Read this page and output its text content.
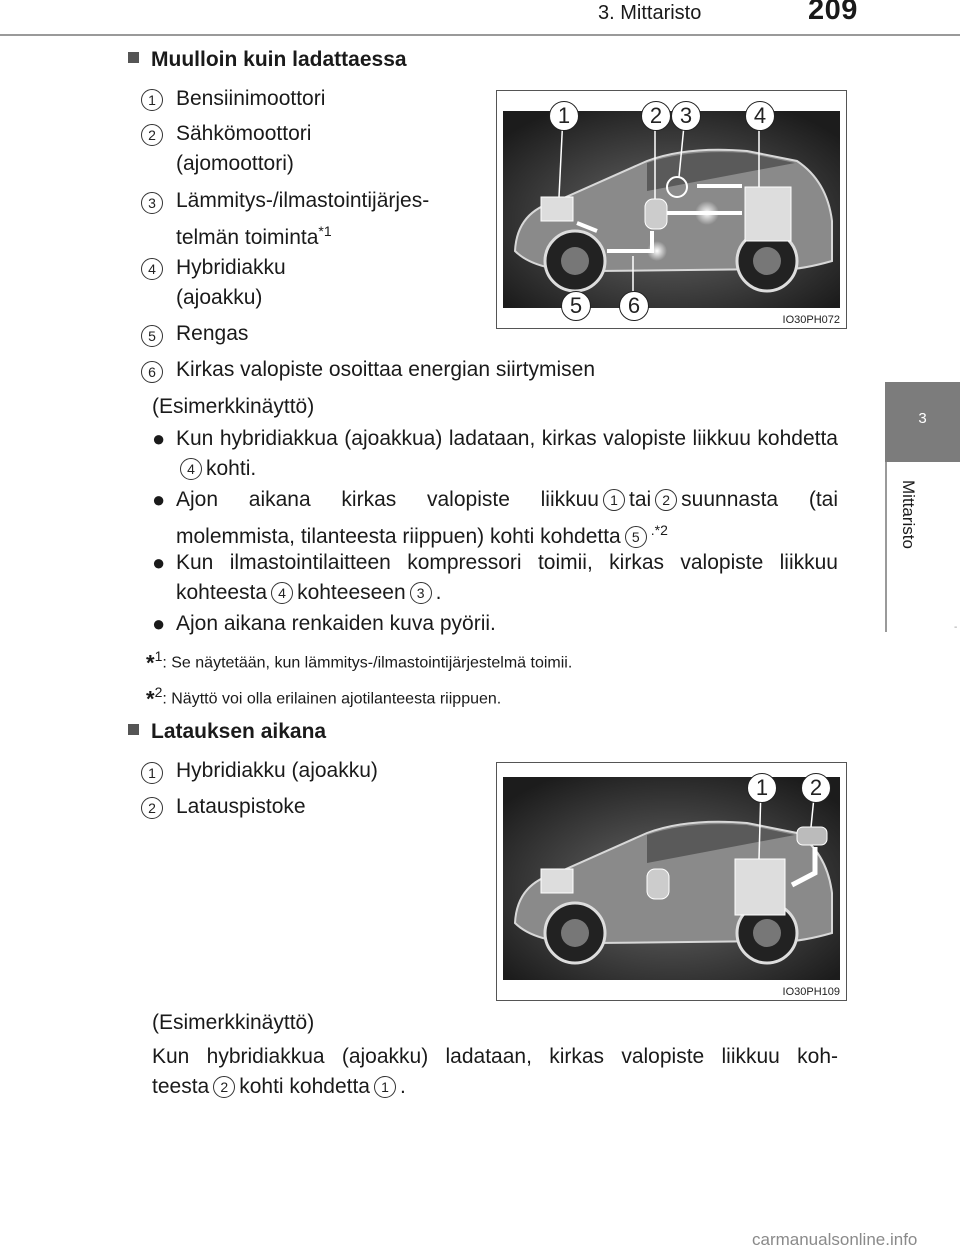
3. Mittaristo	209
3
Mittaristo
-
Muulloin kuin ladattaessa
1 Bensiinimoottori
2 Sähkömoottori
(ajomoottori)
3 Lämmitys-/ilmastointijärjes-
telmän toiminta$^{*1}$
4 Hybridiakku
(ajoakku)
5 Rengas
6 Kirkas valopiste osoittaa energian siirtymisen
1	2 3	4
5	6
IO30PH072
(Esimerkkinäyttö)
● Kun hybridiakkua (ajoakkua) ladataan, kirkas valopiste liikkuu kohdetta4 kohti.
● Ajon aikana kirkas valopiste liikkuu 1 tai 2 suunnasta (tai molemmista, tilanteesta riippuen) kohti kohdetta 5 $^{.*2}$
● Kun ilmastointilaitteen kompressori toimii, kirkas valopiste liikkuu kohteesta 4 kohteeseen 3 .
● Ajon aikana renkaiden kuva pyörii.
*$^1$: Se näytetään, kun lämmitys-/ilmastointijärjestelmä toimii.
*$^2$: Näyttö voi olla erilainen ajotilanteesta riippuen.
Latauksen aikana
1 Hybridiakku (ajoakku)
2 Latauspistoke
1	2
IO30PH109
(Esimerkkinäyttö)
Kun hybridiakkua (ajoakku) ladataan, kirkas valopiste liikkuu koh-
teesta 2 kohti kohdetta 1 .
carmanualsonline.info
